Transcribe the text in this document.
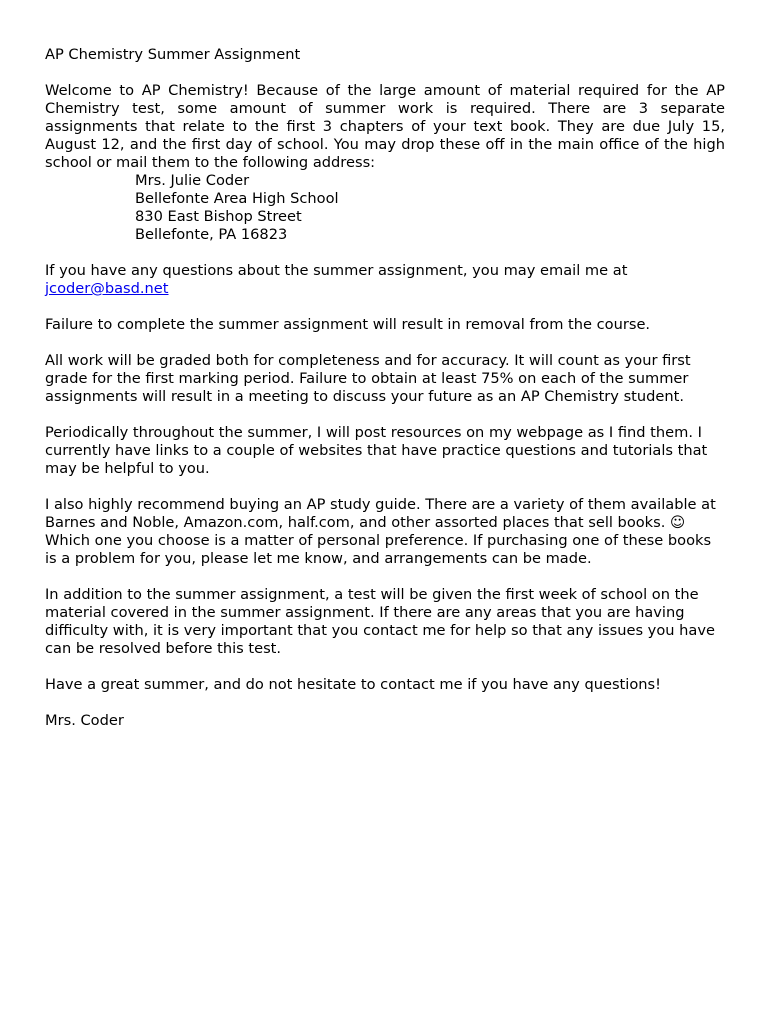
AP Chemistry Summer Assignment

Welcome to AP Chemistry! Because of the large amount of material required for the AP Chemistry test, some amount of summer work is required. There are 3 separate assignments that relate to the first 3 chapters of your text book. They are due July 15, August 12, and the first day of school. You may drop these off in the main office of the high school or mail them to the following address:

Mrs. Julie Coder
Bellefonte Area High School
830 East Bishop Street
Bellefonte, PA 16823

If you have any questions about the summer assignment, you may email me at
jcoder@basd.net

Failure to complete the summer assignment will result in removal from the course.

All work will be graded both for completeness and for accuracy. It will count as your first grade for the first marking period. Failure to obtain at least 75% on each of the summer assignments will result in a meeting to discuss your future as an AP Chemistry student.

Periodically throughout the summer, I will post resources on my webpage as I find them. I currently have links to a couple of websites that have practice questions and tutorials that may be helpful to you.

I also highly recommend buying an AP study guide. There are a variety of them available at Barnes and Noble, Amazon.com, half.com, and other assorted places that sell books. ☺ Which one you choose is a matter of personal preference. If purchasing one of these books is a problem for you, please let me know, and arrangements can be made.

In addition to the summer assignment, a test will be given the first week of school on the material covered in the summer assignment. If there are any areas that you are having difficulty with, it is very important that you contact me for help so that any issues you have can be resolved before this test.

Have a great summer, and do not hesitate to contact me if you have any questions!

Mrs. Coder
